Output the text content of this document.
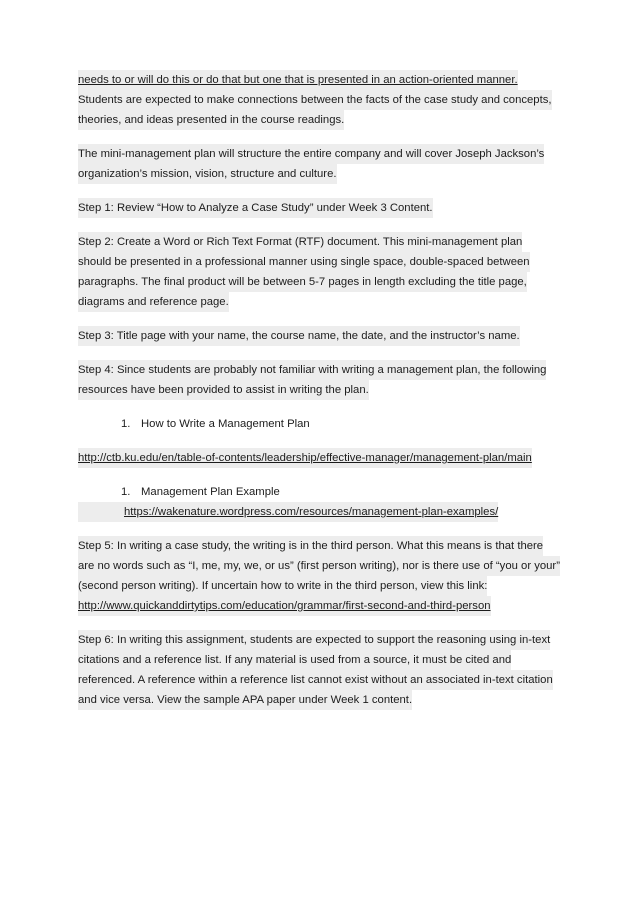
needs to or will do this or do that but one that is presented in an action-oriented manner.
Students are expected to make connections between the facts of the case study and concepts,
theories, and ideas presented in the course readings.
The mini-management plan will structure the entire company and will cover Joseph Jackson’s
organization’s mission, vision, structure and culture.
Step 1: Review “How to Analyze a Case Study” under Week 3 Content.
Step 2: Create a Word or Rich Text Format (RTF) document. This mini-management plan
should be presented in a professional manner using single space, double-spaced between
paragraphs. The final product will be between 5-7 pages in length excluding the title page,
diagrams and reference page.
Step 3: Title page with your name, the course name, the date, and the instructor’s name.
Step 4: Since students are probably not familiar with writing a management plan, the following
resources have been provided to assist in writing the plan.
1. How to Write a Management Plan
http://ctb.ku.edu/en/table-of-contents/leadership/effective-manager/management-plan/main
1. Management Plan Example
https://wakenature.wordpress.com/resources/management-plan-examples/
Step 5: In writing a case study, the writing is in the third person. What this means is that there
are no words such as “I, me, my, we, or us” (first person writing), nor is there use of “you or your”
(second person writing). If uncertain how to write in the third person, view this link:
http://www.quickanddirtytips.com/education/grammar/first-second-and-third-person
Step 6: In writing this assignment, students are expected to support the reasoning using in-text
citations and a reference list. If any material is used from a source, it must be cited and
referenced. A reference within a reference list cannot exist without an associated in-text citation
and vice versa. View the sample APA paper under Week 1 content.
